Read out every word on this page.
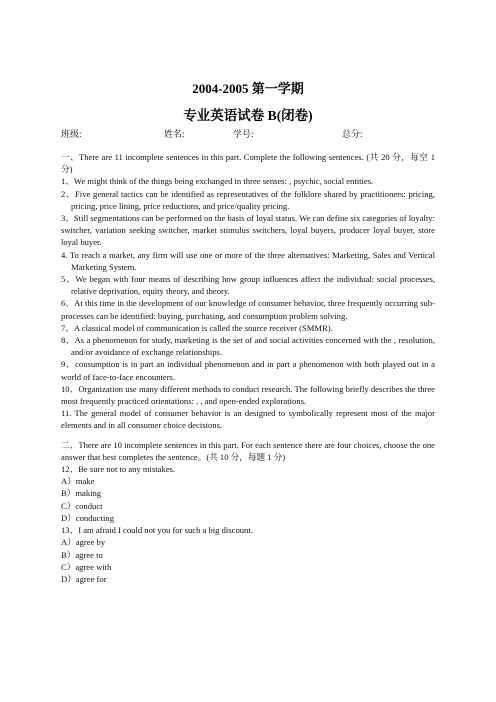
2004-2005 第一学期
专业英语试卷 B(闭卷)
班级:	姓名:	学号:	总分:

一、There are 11 incomplete sentences in this part. Complete the following sentences. (共 20 分，每空 1 分)

1、We might think of the things being exchanged in three senses: , psychic, social entities.

2、Five general tactics can be identified as representatives of the folklore shared by practitioners: pricing, pricing, price lining, price reductions, and price/quality pricing.

3、Still segmentations can be performed on the basis of loyal status. We can define six categories of loyalty: switcher, variation seeking switcher, market stimulus switchers, loyal buyers, producer loyal buyer, store loyal buyer.

4. To reach a market, any firm will use one or more of the three alternatives: Marketing, Sales and Vertical Marketing System.

5、We began with four means of describing how group influences affect the individual: social processes, relative deprivation, equity theory, and theory.

6、At this time in the development of our knowledge of consumer behavior, three frequently occurring sub-processes can be identified: buying, purchasing, and consumption problem solving.

7、A classical model of communication is called the source receiver (SMMR).

8、As a phenomenon for study, marketing is the set of and social activities concerned with the , resolution, and/or avoidance of exchange relationships.

9、consumption is in part an individual phenomenon and in part a phenomenon with both played out in a world of face-to-face encounters.

10、Organization use many different methods to conduct research. The following briefly describes the three most frequently practiced orientations: , , and open-ended explorations.

11. The general model of consumer behavior is an designed to symbolically represent most of the major elements and in all consumer choice decisions.

二、There are 10 incomplete sentences in this part. For each sentence there are four choices, choose the one answer that best completes the sentence。(共 10 分，每题 1 分)

12、Be sure not to any mistakes.

A）make

B）making

C）conduct

D）conducting

13、I am afraid I could not you for such a big discount.

A）agree by

B）agree to

C）agree with

D）agree for
